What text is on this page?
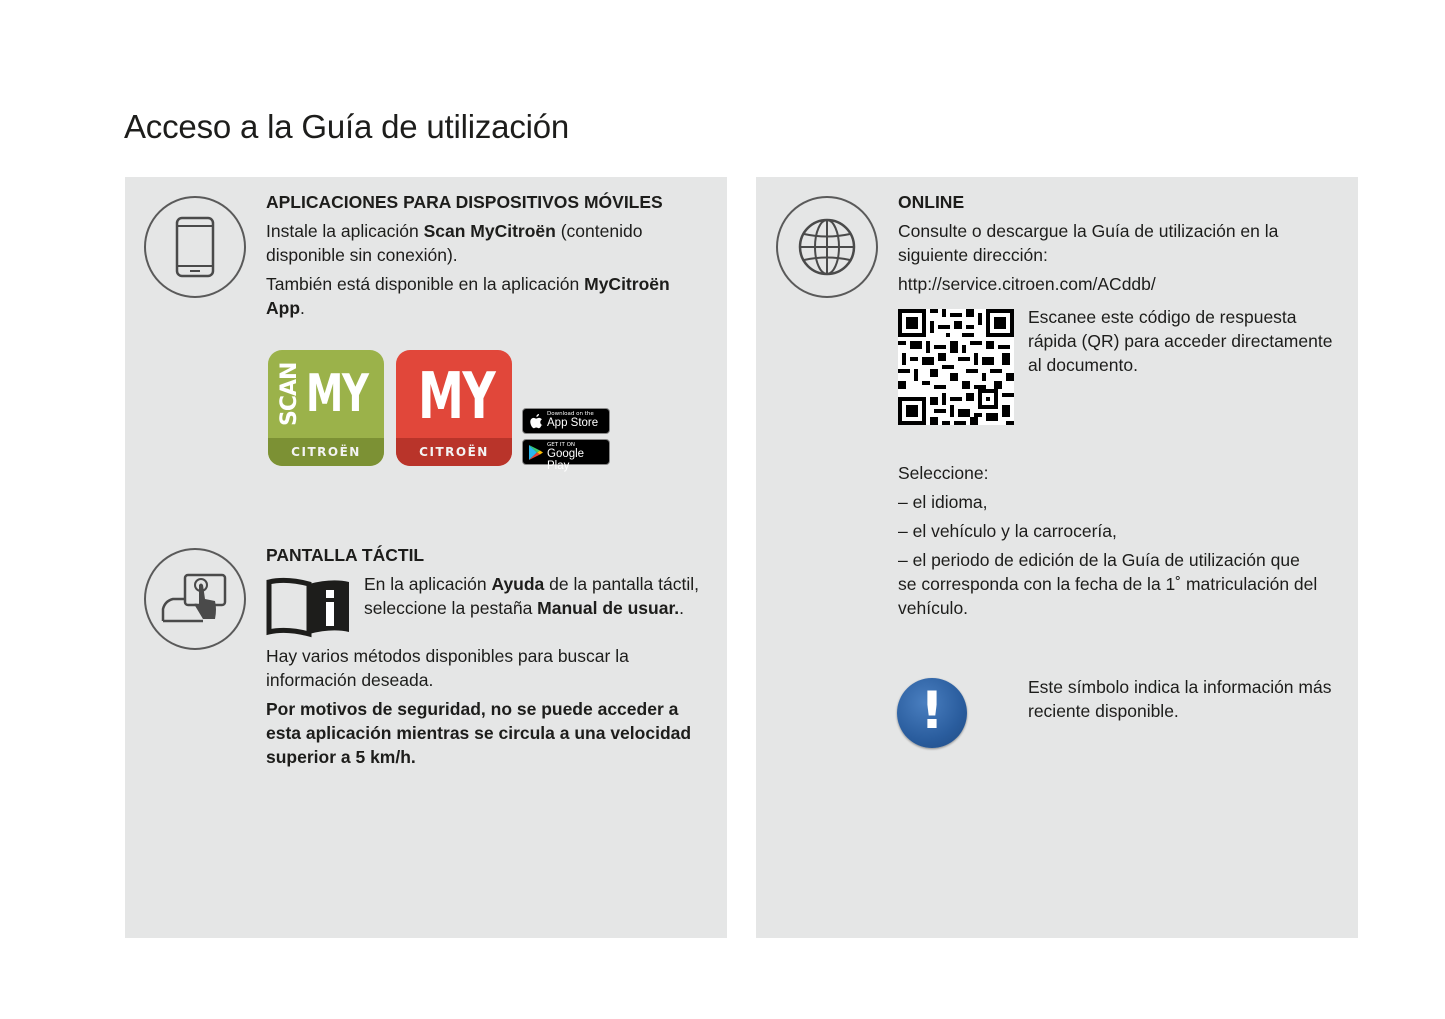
Acceso a la Guía de utilización
APLICACIONES PARA DISPOSITIVOS MÓVILES
Instale la aplicación Scan MyCitroën (contenido
disponible sin conexión).
También está disponible en la aplicación MyCitroën
App.
SCAN MY
CITROËN
MY
CITROËN
Download on the
App Store
GET IT ON
Google Play
PANTALLA TÁCTIL
En la aplicación Ayuda de la pantalla táctil,
seleccione la pestaña Manual de usuar..
Hay varios métodos disponibles para buscar la
información deseada.
Por motivos de seguridad, no se puede acceder a
esta aplicación mientras se circula a una velocidad
superior a 5 km/h.
ONLINE
Consulte o descargue la Guía de utilización en la
siguiente dirección:
http://service.citroen.com/ACddb/
Escanee este código de respuesta
rápida (QR) para acceder directamente
al documento.
Seleccione:
– el idioma,
– el vehículo y la carrocería,
– el periodo de edición de la Guía de utilización que
se corresponda con la fecha de la 1˚ matriculación del
vehículo.
!	Este símbolo indica la información más
reciente disponible.
